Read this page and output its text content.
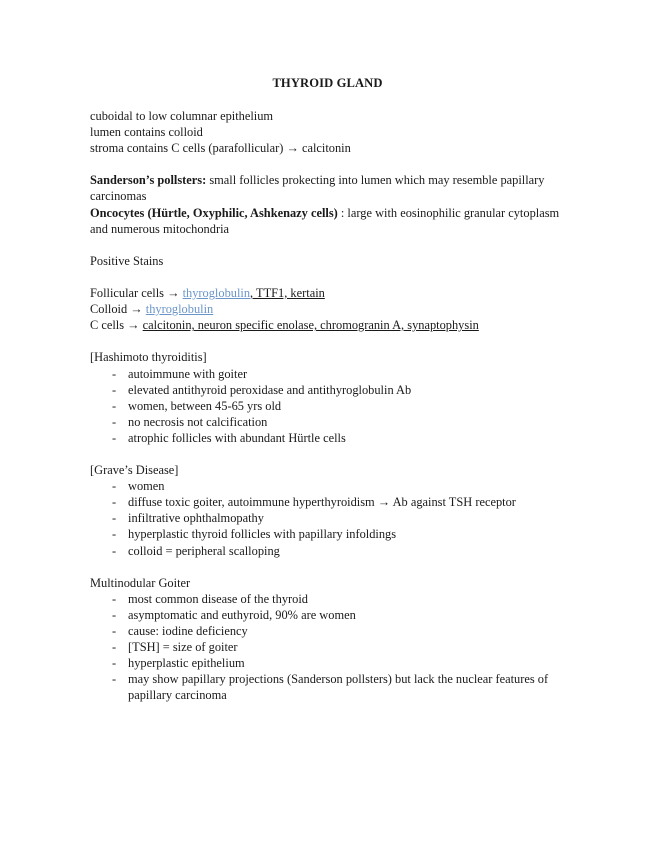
THYROID GLAND
cuboidal to low columnar epithelium
lumen contains colloid
stroma contains C cells (parafollicular) → calcitonin
Sanderson’s pollsters: small follicles prokecting into lumen which may resemble papillary carcinomas
Oncocytes (Hürtle, Oxyphilic, Ashkenazy cells) : large with eosinophilic granular cytoplasm and numerous mitochondria
Positive Stains
Follicular cells → thyroglobulin, TTF1, kertain
Colloid → thyroglobulin
C cells → calcitonin, neuron specific enolase, chromogranin A, synaptophysin
[Hashimoto thyroiditis]
- autoimmune with goiter
- elevated antithyroid peroxidase and antithyroglobulin Ab
- women, between 45-65 yrs old
- no necrosis not calcification
- atrophic follicles with abundant Hürtle cells
[Grave’s Disease]
- women
- diffuse toxic goiter, autoimmune hyperthyroidism → Ab against TSH receptor
- infiltrative ophthalmopathy
- hyperplastic thyroid follicles with papillary infoldings
- colloid = peripheral scalloping
Multinodular Goiter
- most common disease of the thyroid
- asymptomatic and euthyroid, 90% are women
- cause: iodine deficiency
- [TSH] = size of goiter
- hyperplastic epithelium
- may show papillary projections (Sanderson pollsters) but lack the nuclear features of papillary carcinoma
